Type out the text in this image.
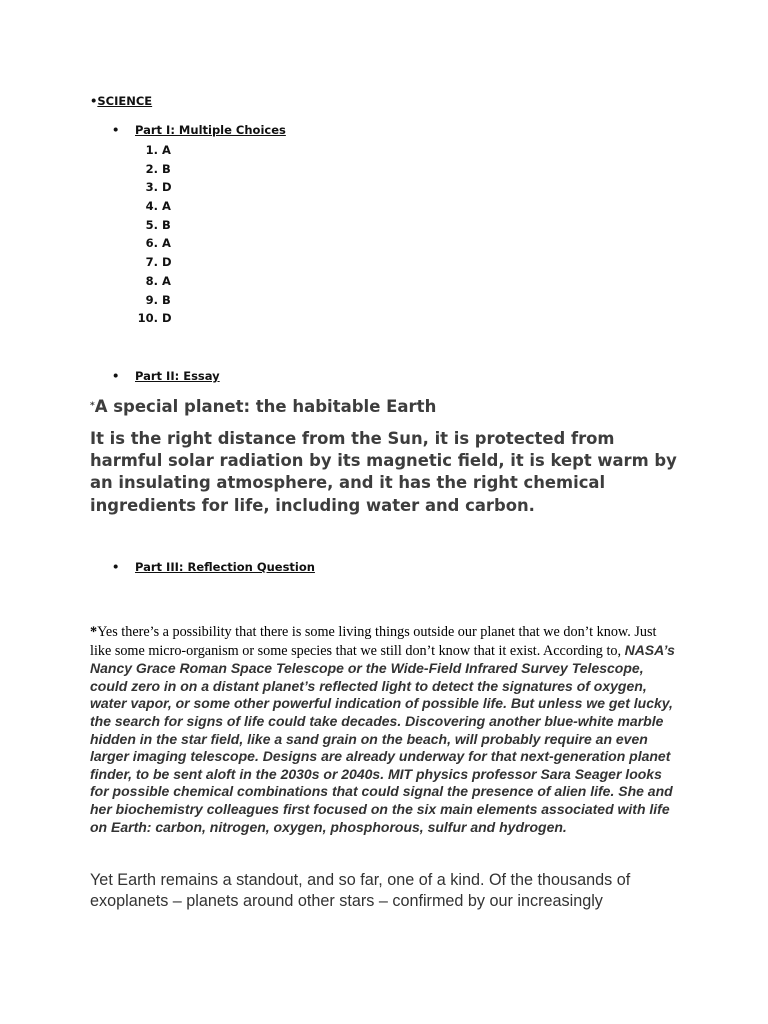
•SCIENCE
• Part I: Multiple Choices
1. A
2. B
3. D
4. A
5. B
6. A
7. D
8. A
9. B
10. D
• Part II: Essay
*A special planet: the habitable Earth

It is the right distance from the Sun, it is protected from harmful solar radiation by its magnetic field, it is kept warm by an insulating atmosphere, and it has the right chemical ingredients for life, including water and carbon.

• Part III: Reflection Question

*Yes there’s a possibility that there is some living things outside our planet that we don’t know. Just like some micro-organism or some species that we still don’t know that it exist. According to, NASA’s Nancy Grace Roman Space Telescope or the Wide-Field Infrared Survey Telescope, could zero in on a distant planet’s reflected light to detect the signatures of oxygen, water vapor, or some other powerful indication of possible life. But unless we get lucky, the search for signs of life could take decades. Discovering another blue-white marble hidden in the star field, like a sand grain on the beach, will probably require an even larger imaging telescope. Designs are already underway for that next-generation planet finder, to be sent aloft in the 2030s or 2040s. MIT physics professor Sara Seager looks for possible chemical combinations that could signal the presence of alien life. She and her biochemistry colleagues first focused on the six main elements associated with life on Earth: carbon, nitrogen, oxygen, phosphorous, sulfur and hydrogen.

Yet Earth remains a standout, and so far, one of a kind. Of the thousands of exoplanets – planets around other stars – confirmed by our increasingly
